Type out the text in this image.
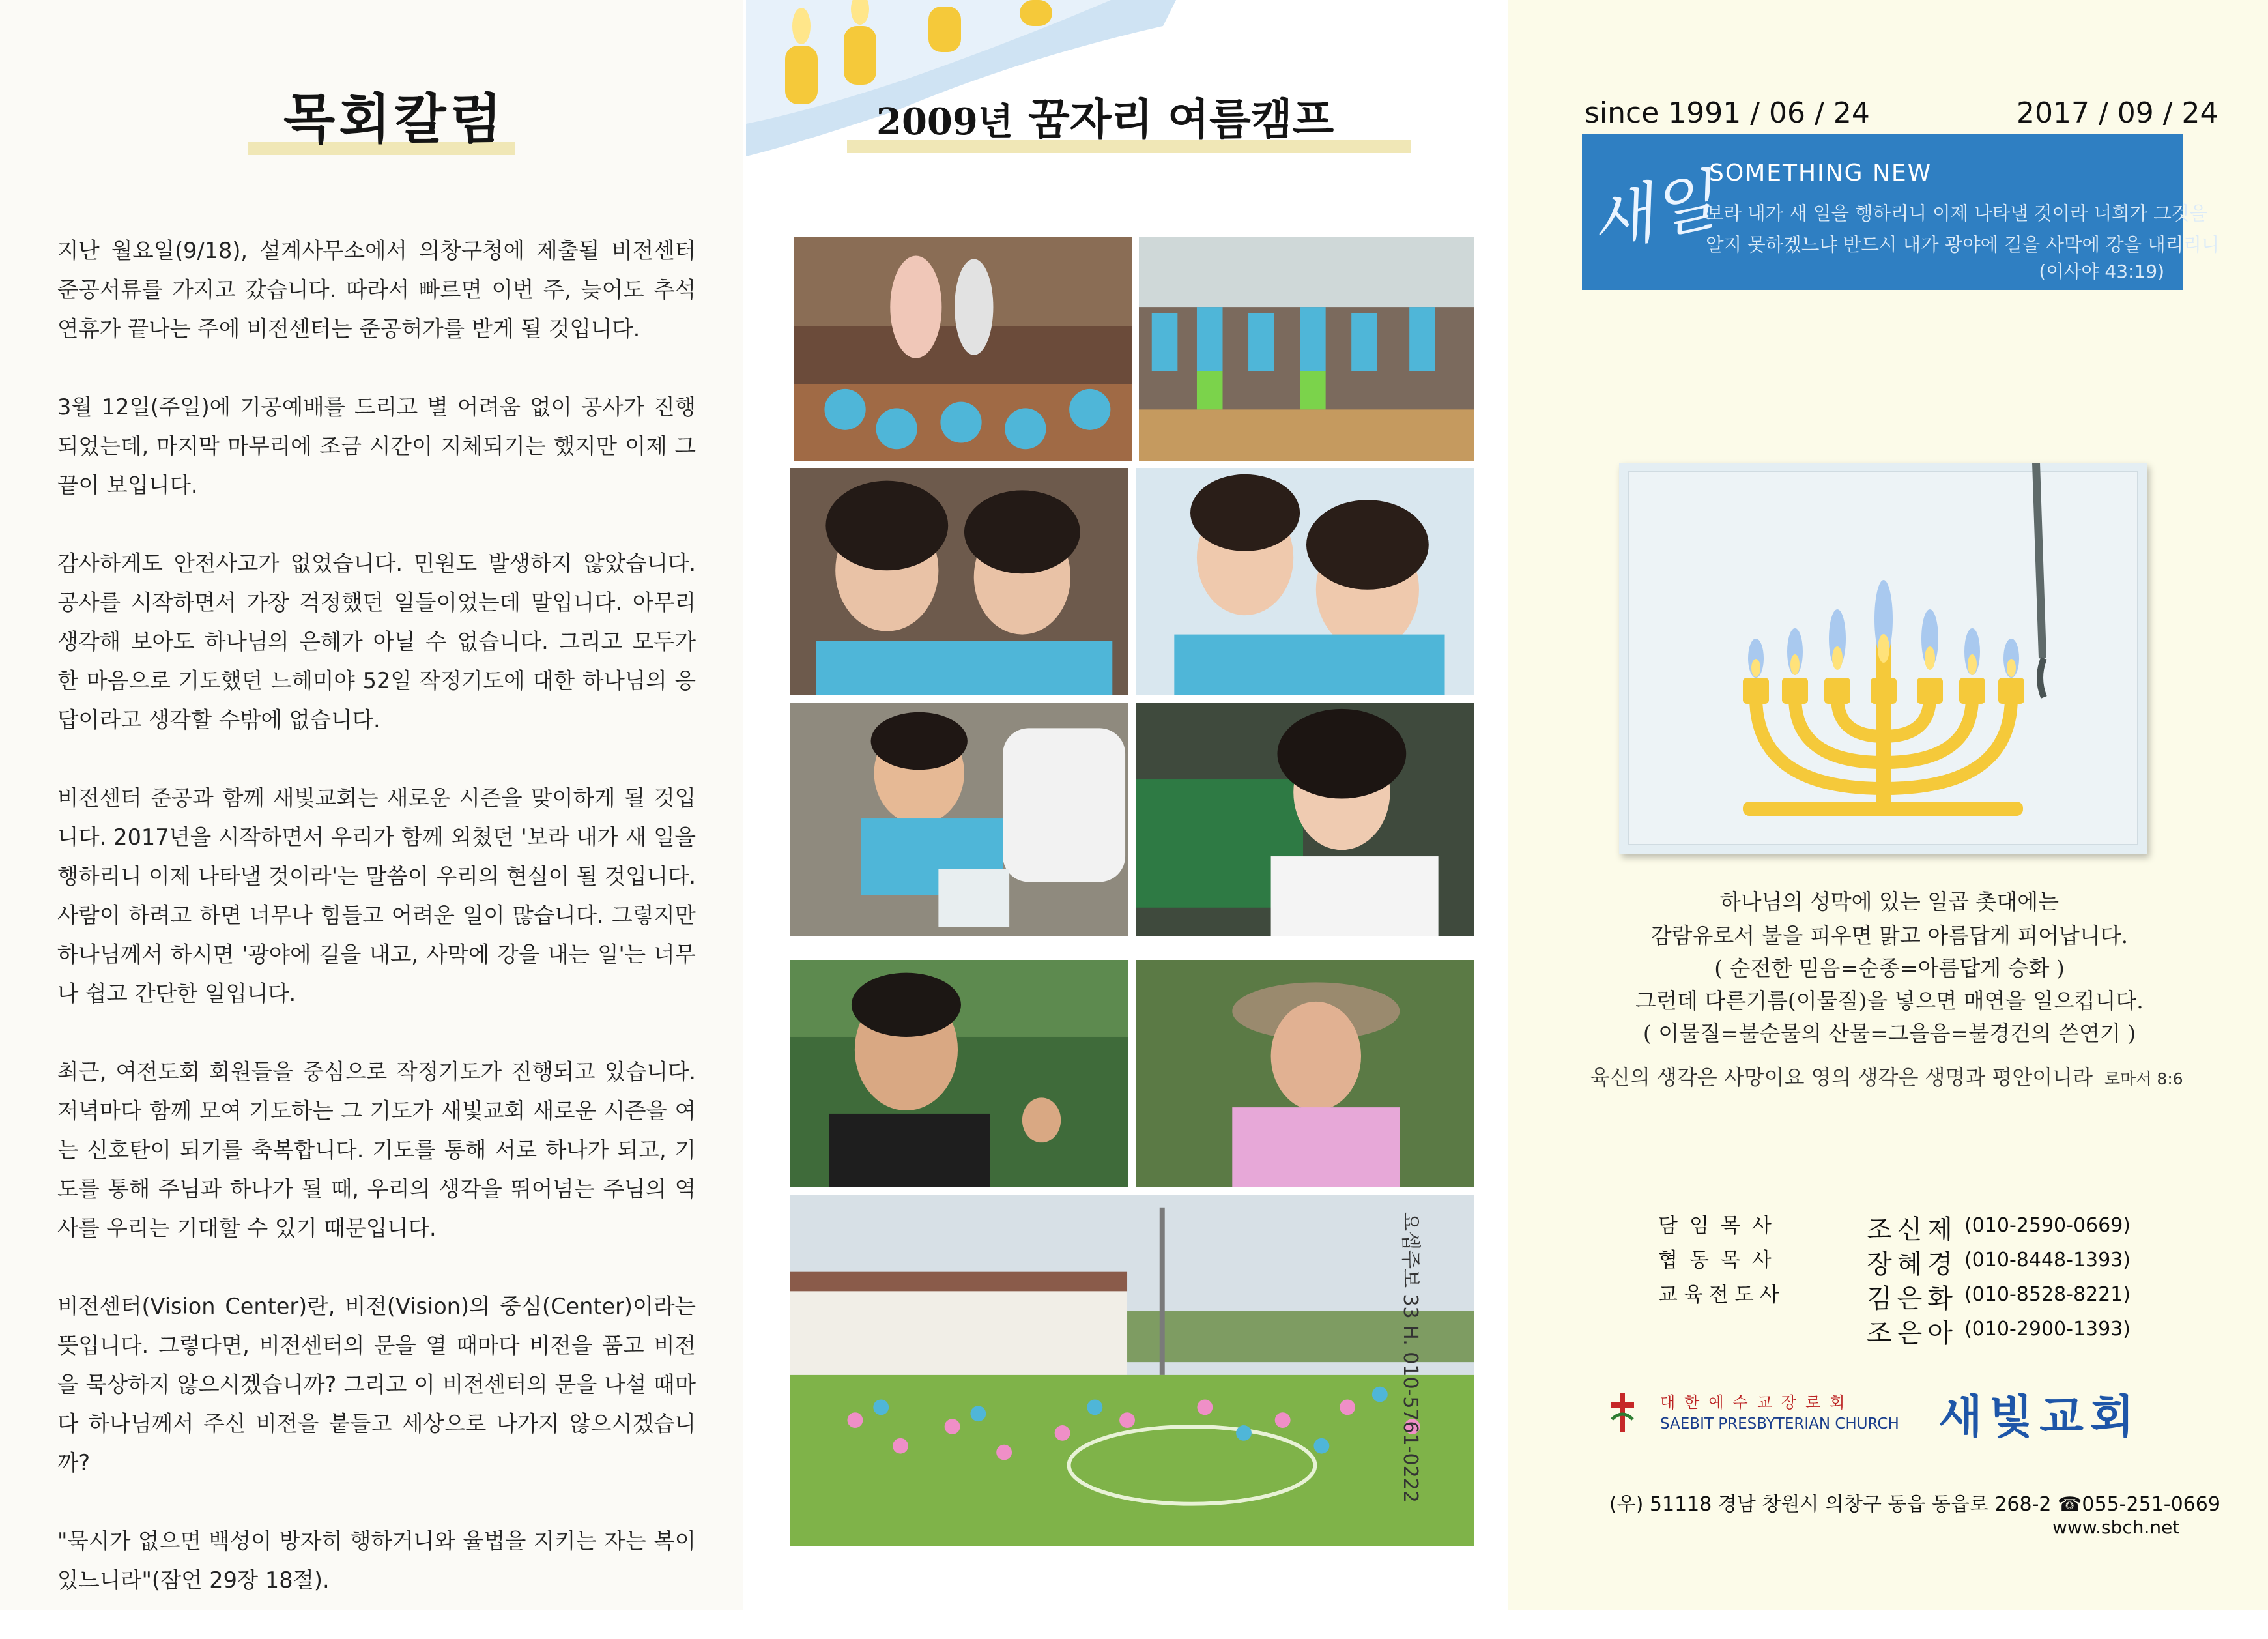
목회칼럼

지난 월요일(9/18), 설계사무소에서 의창구청에 제출될 비전센터 준공서류를 가지고 갔습니다. 따라서 빠르면 이번 주, 늦어도 추석 연휴가 끝나는 주에 비전센터는 준공허가를 받게 될 것입니다.

3월 12일(주일)에 기공예배를 드리고 별 어려움 없이 공사가 진행되었는데, 마지막 마무리에 조금 시간이 지체되기는 했지만 이제 그 끝이 보입니다.

감사하게도 안전사고가 없었습니다. 민원도 발생하지 않았습니다. 공사를 시작하면서 가장 걱정했던 일들이었는데 말입니다. 아무리 생각해 보아도 하나님의 은혜가 아닐 수 없습니다. 그리고 모두가 한 마음으로 기도했던 느헤미야 52일 작정기도에 대한 하나님의 응답이라고 생각할 수밖에 없습니다.

비전센터 준공과 함께 새빛교회는 새로운 시즌을 맞이하게 될 것입니다. 2017년을 시작하면서 우리가 함께 외쳤던 '보라 내가 새 일을 행하리니 이제 나타낼 것이라'는 말씀이 우리의 현실이 될 것입니다. 사람이 하려고 하면 너무나 힘들고 어려운 일이 많습니다. 그렇지만 하나님께서 하시면 '광야에 길을 내고, 사막에 강을 내는 일'는 너무나 쉽고 간단한 일입니다.

최근, 여전도회 회원들을 중심으로 작정기도가 진행되고 있습니다. 저녁마다 함께 모여 기도하는 그 기도가 새빛교회 새로운 시즌을 여는 신호탄이 되기를 축복합니다. 기도를 통해 서로 하나가 되고, 기도를 통해 주님과 하나가 될 때, 우리의 생각을 뛰어넘는 주님의 역사를 우리는 기대할 수 있기 때문입니다.

비전센터(Vision Center)란, 비전(Vision)의 중심(Center)이라는 뜻입니다. 그렇다면, 비전센터의 문을 열 때마다 비전을 품고 비전을 묵상하지 않으시겠습니까? 그리고 이 비전센터의 문을 나설 때마다 하나님께서 주신 비전을 붙들고 세상으로 나가지 않으시겠습니까?

"묵시가 없으면 백성이 방자히 행하거니와 율법을 지키는 자는 복이 있느니라"(잠언 29장 18절).

2009년 꿈자리 여름캠프
요셉주보 33 H. 010-5761-0222
since 1991 / 06 / 24	2017 / 09 / 24
새일
SOMETHING NEW
보라 내가 새 일을 행하리니 이제 나타낼 것이라 너희가 그것을
알지 못하겠느냐 반드시 내가 광야에 길을 사막에 강을 내리리니
(이사야 43:19)
하나님의 성막에 있는 일곱 촛대에는
감람유로서 불을 피우면 맑고 아름답게 피어납니다.
( 순전한 믿음=순종=아름답게 승화 )
그런데 다른기름(이물질)을 넣으면 매연을 일으킵니다.
( 이물질=불순물의 산물=그을음=불경건의 쓴연기 )
육신의 생각은 사망이요 영의 생각은 생명과 평안이니라 로마서 8:6
담임목사	조신제 (010-2590-0669)
협동목사	장혜경 (010-8448-1393)
교육전도사	김은화 (010-8528-8221)
조은아 (010-2900-1393)
대한예수교장로회
SAEBIT PRESBYTERIAN CHURCH 새빛교회
(우) 51118 경남 창원시 의창구 동읍 동읍로 268-2 ☎055-251-0669
www.sbch.net
